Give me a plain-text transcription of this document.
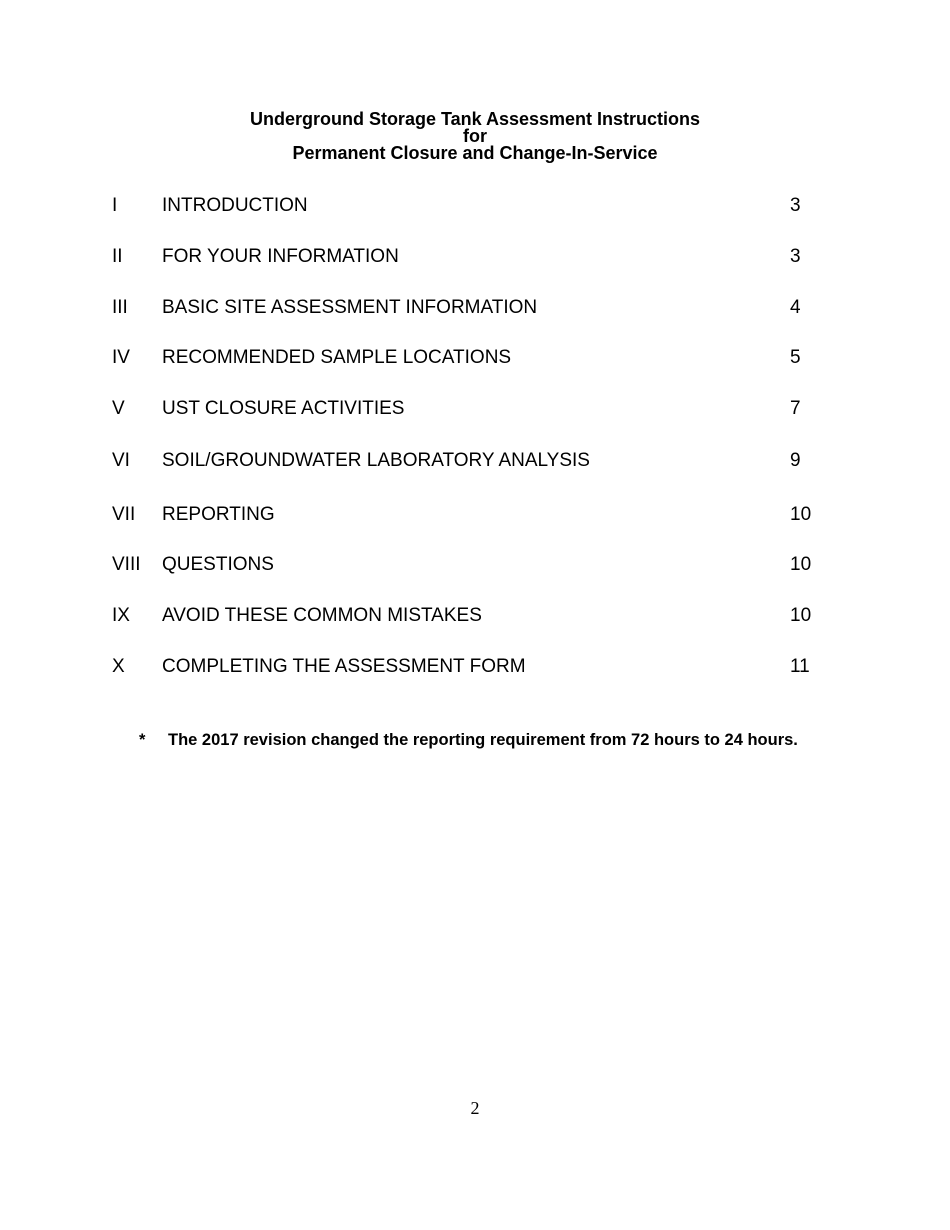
Underground Storage Tank Assessment Instructions
for
Permanent Closure and Change-In-Service
I INTRODUCTION	3
II FOR YOUR INFORMATION	3
III BASIC SITE ASSESSMENT INFORMATION	4
IV RECOMMENDED SAMPLE LOCATIONS	5
V UST CLOSURE ACTIVITIES	7
VI SOIL/GROUNDWATER LABORATORY ANALYSIS	9
VII REPORTING	10
VIII QUESTIONS	10
IX AVOID THESE COMMON MISTAKES	10
X COMPLETING THE ASSESSMENT FORM	11
* The 2017 revision changed the reporting requirement from 72 hours to 24 hours.
2
